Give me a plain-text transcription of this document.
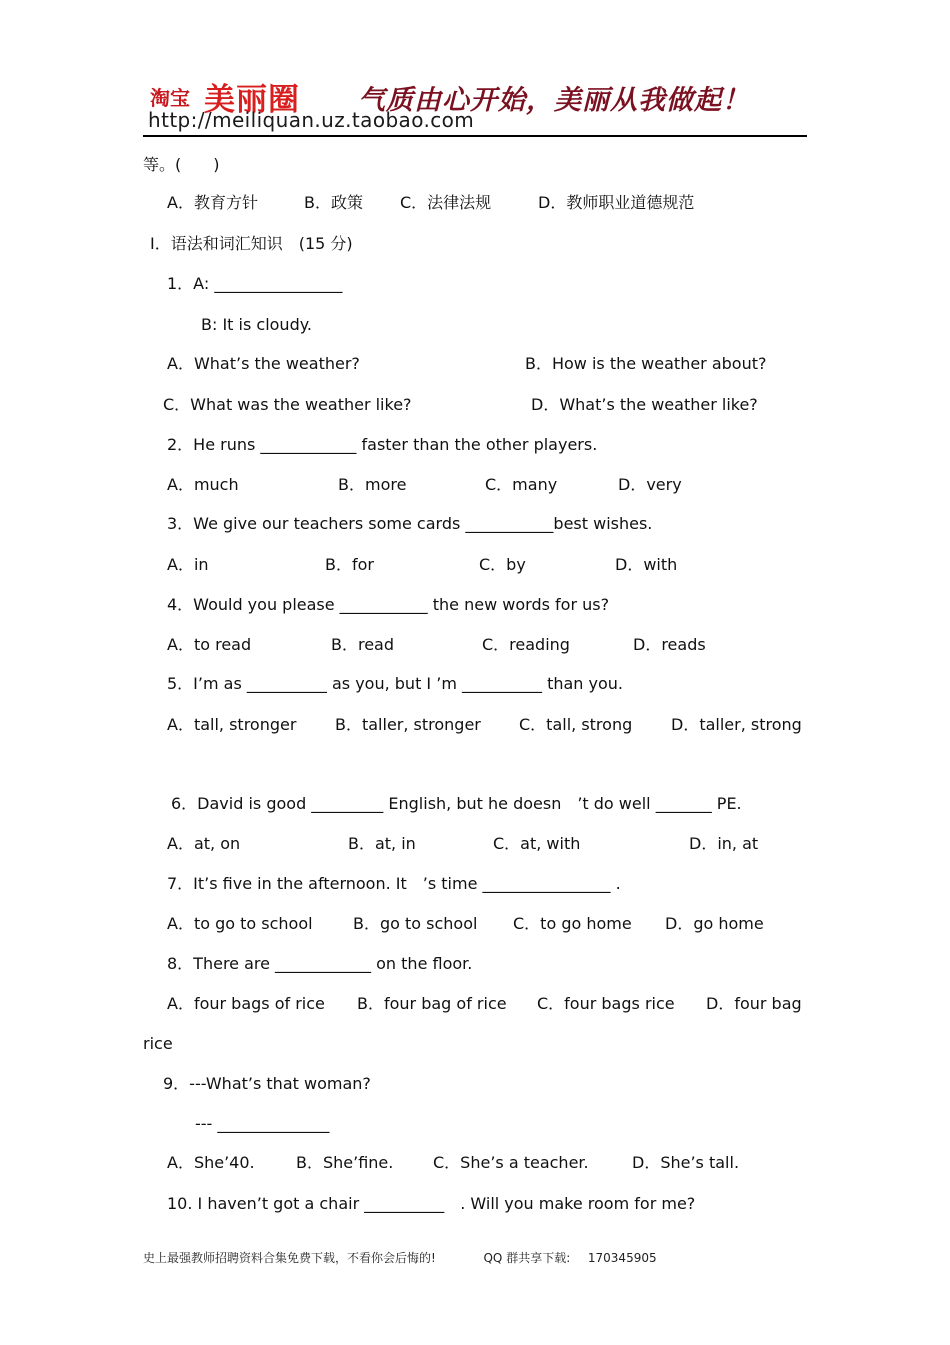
淘宝 美丽圈 气质由心开始，美丽从我做起！
http://meiliquan.uz.taobao.com
等。(　　)
A．教育方针	B．政策 C．法律法规	D．教师职业道德规范
Ⅰ．语法和词汇知识　(15 分)
1．A: ________________
B: It is cloudy.
A．What’s the weather?	B．How is the weather about?
C．What was the weather like?	D．What’s the weather like?
2．He runs ____________ faster than the other players.
A．much	B．more	C．many	D．very
3．We give our teachers some cards ___________best wishes.
A．in	B．for	C．by	D．with
4．Would you please ___________ the new words for us?
A．to read	B．read	C．reading	D．reads
5．I’m as __________ as you, but I ’m __________ than you.
A．tall, stronger B．taller, stronger C．tall, strong D．taller, strong
6．David is good _________ English, but he doesn　’t do well _______ PE.
A．at, on	B．at, in	C．at, with	D．in, at
7．It’s five in the afternoon. It　’s time ________________ .
A．to go to school	B．go to school C．to go home D．go home
8．There are ____________ on the floor.
A．four bags of rice B．four bag of rice C．four bags rice D．four bag
rice
9．---What’s that woman?
--- ______________
A．She’40.	B．She’fine. C．She’s a teacher.	D．She’s tall.
10. I haven’t got a chair __________　. Will you make room for me?
史上最强教师招聘资料合集免费下载，不看你会后悔的!	QQ 群共享下载: 170345905
